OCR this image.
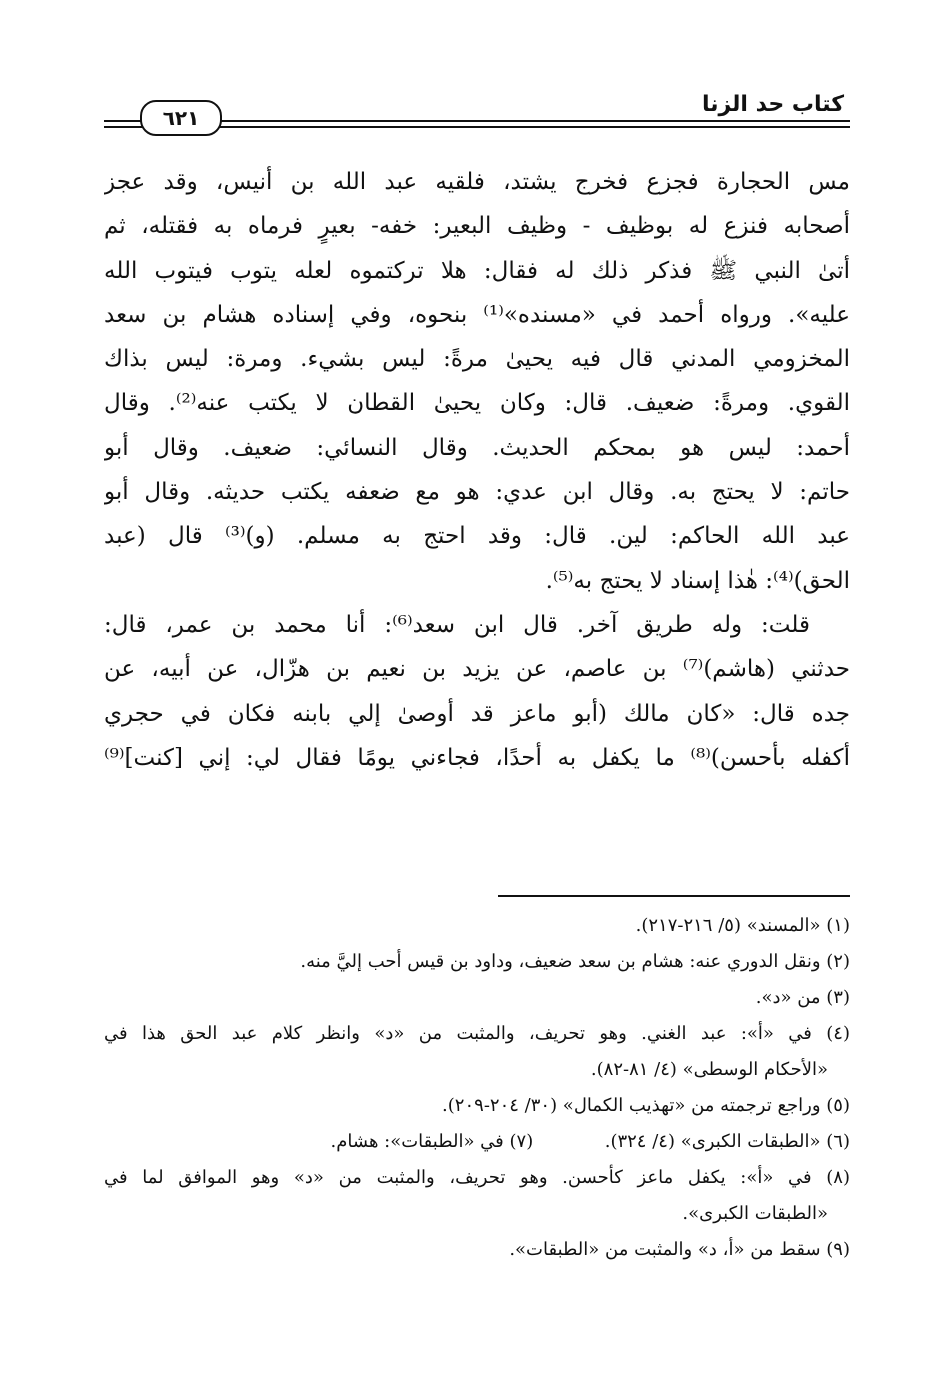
كتاب حد الزنا
٦٢١
مس الحجارة فجزع فخرج يشتد، فلقيه عبد الله بن أنيس، وقد عجز
أصحابه فنزع له بوظيف - وظيف البعير: خفه- بعيرٍ فرماه به فقتله، ثم
أتىٰ النبي ﷺ فذكر ذلك له فقال: هلا تركتموه لعله يتوب فيتوب الله
عليه». ورواه أحمد في «مسنده»⁽¹⁾ بنحوه، وفي إسناده هشام بن سعد
المخزومي المدني قال فيه يحيىٰ مرةً: ليس بشيء. ومرة: ليس بذاك
القوي. ومرةً: ضعيف. قال: وكان يحيىٰ القطان لا يكتب عنه⁽²⁾. وقال
أحمد: ليس هو بمحكم الحديث. وقال النسائي: ضعيف. وقال أبو
حاتم: لا يحتج به. وقال ابن عدي: هو مع ضعفه يكتب حديثه. وقال أبو
عبد الله الحاكم: لين. قال: وقد احتج به مسلم. (و)⁽³⁾ قال (عبد
الحق)⁽⁴⁾: هٰذا إسناد لا يحتج به⁽⁵⁾.
قلت: وله طريق آخر. قال ابن سعد⁽⁶⁾: أنا محمد بن عمر، قال:
حدثني (هاشم)⁽⁷⁾ بن عاصم، عن يزيد بن نعيم بن هزّال، عن أبيه، عن
جده قال: «كان مالك (أبو ماعز قد أوصىٰ إلي بابنه فكان في حجري
أكفله بأحسن)⁽⁸⁾ ما يكفل به أحدًا، فجاءني يومًا فقال لي: إني [كنت]⁽⁹⁾
(١) «المسند» (٥/ ٢١٦-٢١٧).
(٢) ونقل الدوري عنه: هشام بن سعد ضعيف، وداود بن قيس أحب إليَّ منه.
(٣) من «د».
(٤) في «أ»: عبد الغني. وهو تحريف، والمثبت من «د» وانظر كلام عبد الحق هذا في
«الأحكام الوسطى» (٤/ ٨١-٨٢).
(٥) وراجع ترجمته من «تهذيب الكمال» (٣٠/ ٢٠٤-٢٠٩).
(٦) «الطبقات الكبرى» (٤/ ٣٢٤).  (٧) في «الطبقات»: هشام.
(٨) في «أ»: يكفل ماعز كأحسن. وهو تحريف، والمثبت من «د» وهو الموافق لما في
«الطبقات الكبرى».
(٩) سقط من «أ، د» والمثبت من «الطبقات».
